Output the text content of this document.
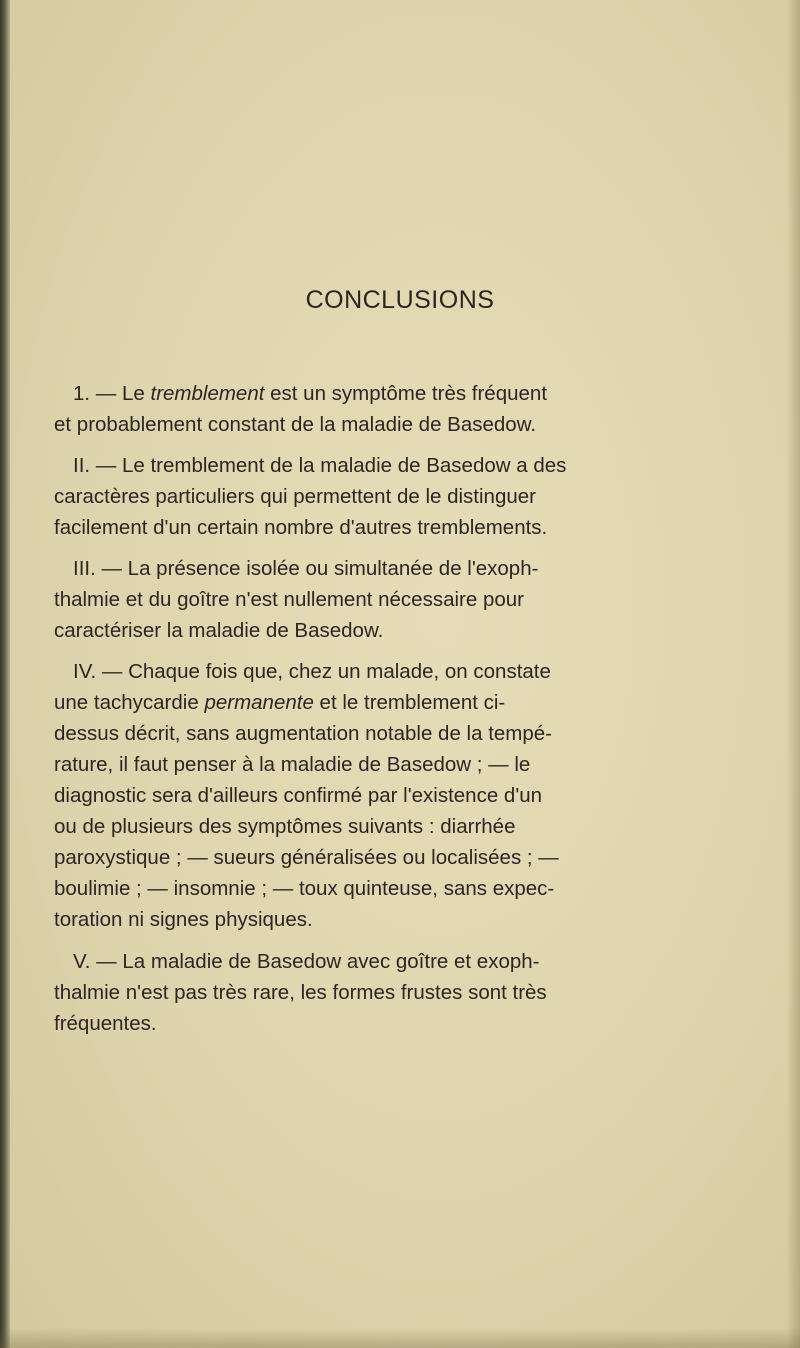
CONCLUSIONS
1. — Le tremblement est un symptôme très fréquent
et probablement constant de la maladie de Basedow.
II. — Le tremblement de la maladie de Basedow a des
caractères particuliers qui permettent de le distinguer
facilement d'un certain nombre d'autres tremblements.
III. — La présence isolée ou simultanée de l'exoph-
thalmie et du goître n'est nullement nécessaire pour
caractériser la maladie de Basedow.
IV. — Chaque fois que, chez un malade, on constate
une tachycardie permanente et le tremblement ci-
dessus décrit, sans augmentation notable de la tempé-
rature, il faut penser à la maladie de Basedow ; — le
diagnostic sera d'ailleurs confirmé par l'existence d'un
ou de plusieurs des symptômes suivants : diarrhée
paroxystique ; — sueurs généralisées ou localisées ; —
boulimie ; — insomnie ; — toux quinteuse, sans expec-
toration ni signes physiques.
V. — La maladie de Basedow avec goître et exoph-
thalmie n'est pas très rare, les formes frustes sont très
fréquentes.
